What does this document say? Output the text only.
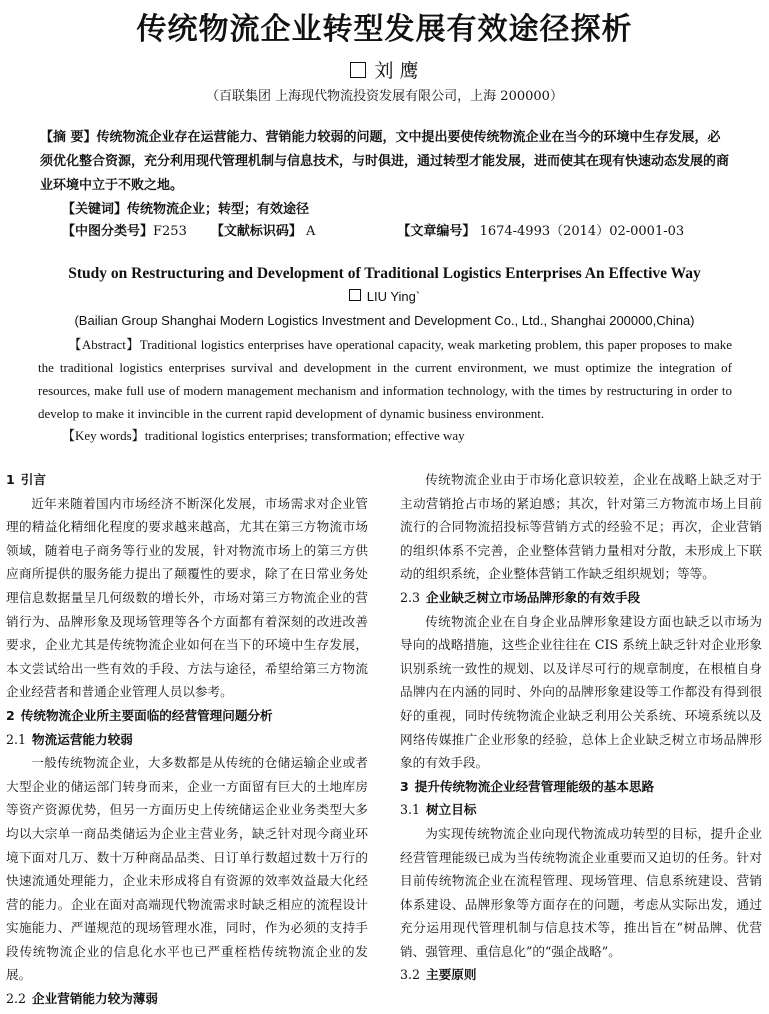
传统物流企业转型发展有效途径探析
刘 鹰
（百联集团 上海现代物流投资发展有限公司，上海 200000）
【摘 要】传统物流企业存在运营能力、营销能力较弱的问题，文中提出要使传统物流企业在当今的环境中生存发展，必须优化整合资源，充分利用现代管理机制与信息技术，与时俱进，通过转型才能发展，进而使其在现有快速动态发展的商业环境中立于不败之地。
【关键词】传统物流企业；转型；有效途径
【中图分类号】F253 【文献标识码】 A	【文章编号】 1674-4993（2014）02-0001-03
Study on Restructuring and Development of Traditional Logistics Enterprises An Effective Way
LIU Ying`
(Bailian Group Shanghai Modern Logistics Investment and Development Co., Ltd., Shanghai 200000,China)
【Abstract】Traditional logistics enterprises have operational capacity, weak marketing problem, this paper proposes to make the traditional logistics enterprises survival and development in the current environment, we must optimize the integration of resources, make full use of modern management mechanism and information technology, with the times by restructuring in order to develop to make it invincible in the current rapid development of dynamic business environment.
【Key words】traditional logistics enterprises; transformation; effective way

1 引言

近年来随着国内市场经济不断深化发展，市场需求对企业管理的精益化精细化程度的要求越来越高，尤其在第三方物流市场领域，随着电子商务等行业的发展，针对物流市场上的第三方供应商所提供的服务能力提出了颠覆性的要求，除了在日常业务处理信息数据量呈几何级数的增长外，市场对第三方物流企业的营销行为、品牌形象及现场管理等各个方面都有着深刻的改进改善要求，企业尤其是传统物流企业如何在当下的环境中生存发展，本文尝试给出一些有效的手段、方法与途径，希望给第三方物流企业经营者和普通企业管理人员以参考。

2 传统物流企业所主要面临的经营管理问题分析

2.1 物流运营能力较弱

一般传统物流企业，大多数都是从传统的仓储运输企业或者大型企业的储运部门转身而来，企业一方面留有巨大的土地库房等资产资源优势，但另一方面历史上传统储运企业业务类型大多均以大宗单一商品类储运为企业主营业务，缺乏针对现今商业环境下面对几万、数十万种商品品类、日订单行数超过数十万行的快速流通处理能力，企业未形成将自有资源的效率效益最大化经营的能力。企业在面对高端现代物流需求时缺乏相应的流程设计实施能力、严谨规范的现场管理水准，同时，作为必须的支持手段传统物流企业的信息化水平也已严重桎梏传统物流企业的发展。

2.2 企业营销能力较为薄弱

传统物流企业由于市场化意识较差，企业在战略上缺乏对于主动营销抢占市场的紧迫感；其次，针对第三方物流市场上目前流行的合同物流招投标等营销方式的经验不足；再次，企业营销的组织体系不完善，企业整体营销力量相对分散，未形成上下联动的组织系统，企业整体营销工作缺乏组织规划；等等。

2.3 企业缺乏树立市场品牌形象的有效手段

传统物流企业在自身企业品牌形象建设方面也缺乏以市场为导向的战略措施，这些企业往往在 CIS 系统上缺乏针对企业形象识别系统一致性的规划、以及详尽可行的规章制度，在根植自身品牌内在内涵的同时、外向的品牌形象建设等工作都没有得到很好的重视，同时传统物流企业缺乏利用公关系统、环境系统以及网络传媒推广企业形象的经验，总体上企业缺乏树立市场品牌形象的有效手段。

3 提升传统物流企业经营管理能级的基本思路

3.1 树立目标

为实现传统物流企业向现代物流成功转型的目标，提升企业经营管理能级已成为当传统物流企业重要而又迫切的任务。针对目前传统物流企业在流程管理、现场管理、信息系统建设、营销体系建设、品牌形象等方面存在的问题，考虑从实际出发，通过充分运用现代管理机制与信息技术等，推出旨在“树品牌、优营销、强管理、重信息化”的“强企战略”。

3.2 主要原则
